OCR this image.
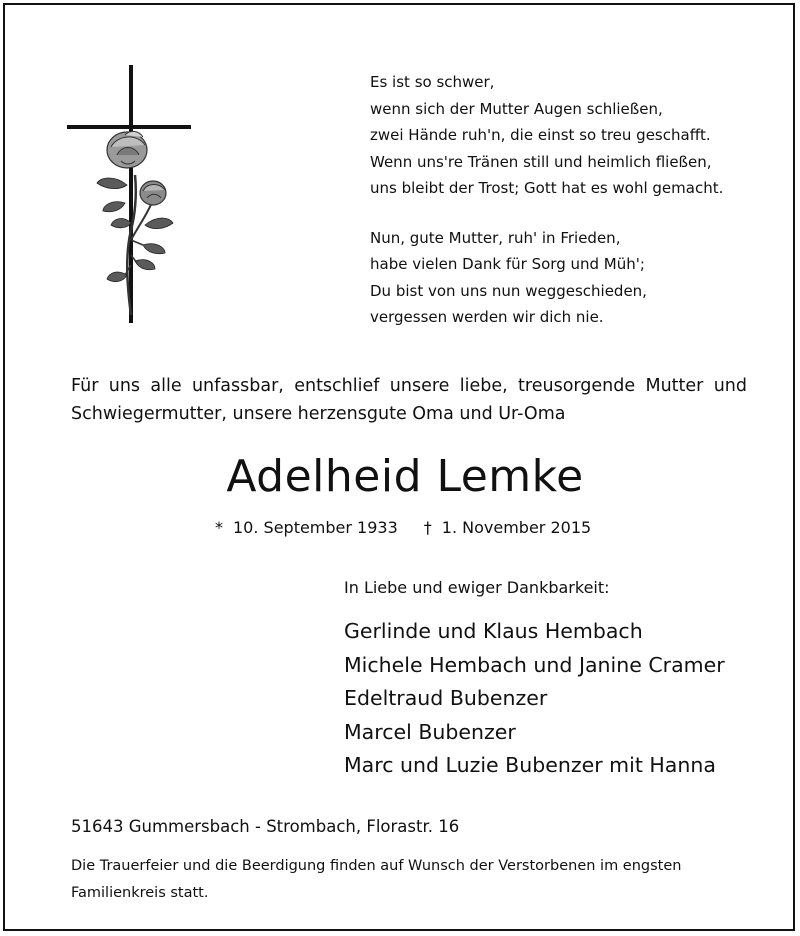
Es ist so schwer,
wenn sich der Mutter Augen schließen,
zwei Hände ruh'n, die einst so treu geschafft.
Wenn uns're Tränen still und heimlich fließen,
uns bleibt der Trost; Gott hat es wohl gemacht.
Nun, gute Mutter, ruh' in Frieden,
habe vielen Dank für Sorg und Müh';
Du bist von uns nun weggeschieden,
vergessen werden wir dich nie.
Für uns alle unfassbar, entschlief unsere liebe, treusorgende Mutter und Schwiegermutter, unsere herzensgute Oma und Ur-Oma
Adelheid Lemke
* 10. September 1933 † 1. November 2015
In Liebe und ewiger Dankbarkeit:
Gerlinde und Klaus Hembach
Michele Hembach und Janine Cramer
Edeltraud Bubenzer
Marcel Bubenzer
Marc und Luzie Bubenzer mit Hanna
51643 Gummersbach - Strombach, Florastr. 16
Die Trauerfeier und die Beerdigung finden auf Wunsch der Verstorbenen im engsten Familienkreis statt.
